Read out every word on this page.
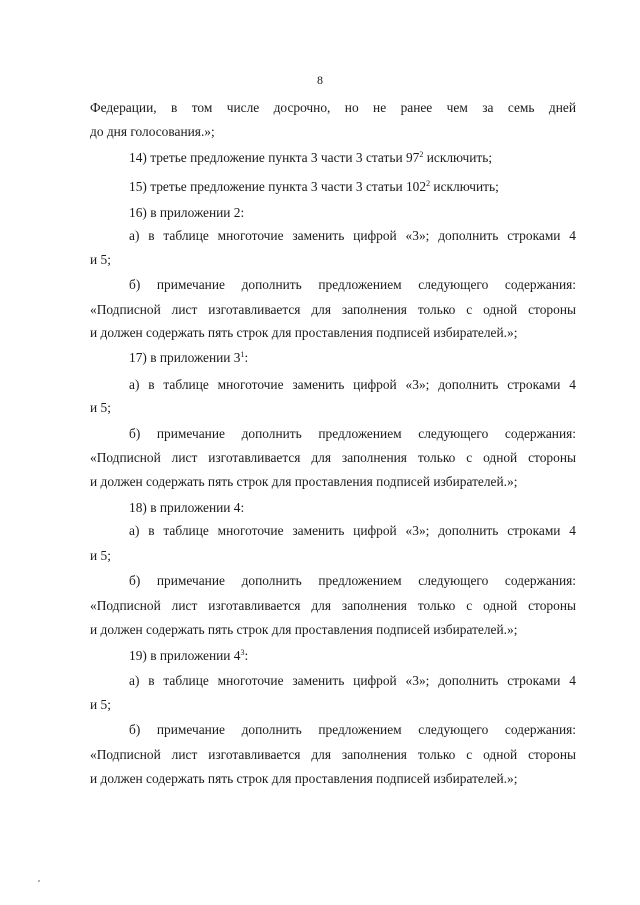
8
Федерации, в том числе досрочно, но не ранее чем за семь дней
до дня голосования.»;
14) третье предложение пункта 3 части 3 статьи $97^2$ исключить;
15) третье предложение пункта 3 части 3 статьи $102^2$ исключить;
16) в приложении 2:
а) в таблице многоточие заменить цифрой «3»; дополнить строками 4
и 5;
б) примечание дополнить предложением следующего содержания:
«Подписной лист изготавливается для заполнения только с одной стороны
и должен содержать пять строк для проставления подписей избирателей.»;
17) в приложении $3^1$:
а) в таблице многоточие заменить цифрой «3»; дополнить строками 4
и 5;
б) примечание дополнить предложением следующего содержания:
«Подписной лист изготавливается для заполнения только с одной стороны
и должен содержать пять строк для проставления подписей избирателей.»;
18) в приложении 4:
а) в таблице многоточие заменить цифрой «3»; дополнить строками 4
и 5;
б) примечание дополнить предложением следующего содержания:
«Подписной лист изготавливается для заполнения только с одной стороны
и должен содержать пять строк для проставления подписей избирателей.»;
19) в приложении $4^3$:
а) в таблице многоточие заменить цифрой «3»; дополнить строками 4
и 5;
б) примечание дополнить предложением следующего содержания:
«Подписной лист изготавливается для заполнения только с одной стороны
и должен содержать пять строк для проставления подписей избирателей.»;
